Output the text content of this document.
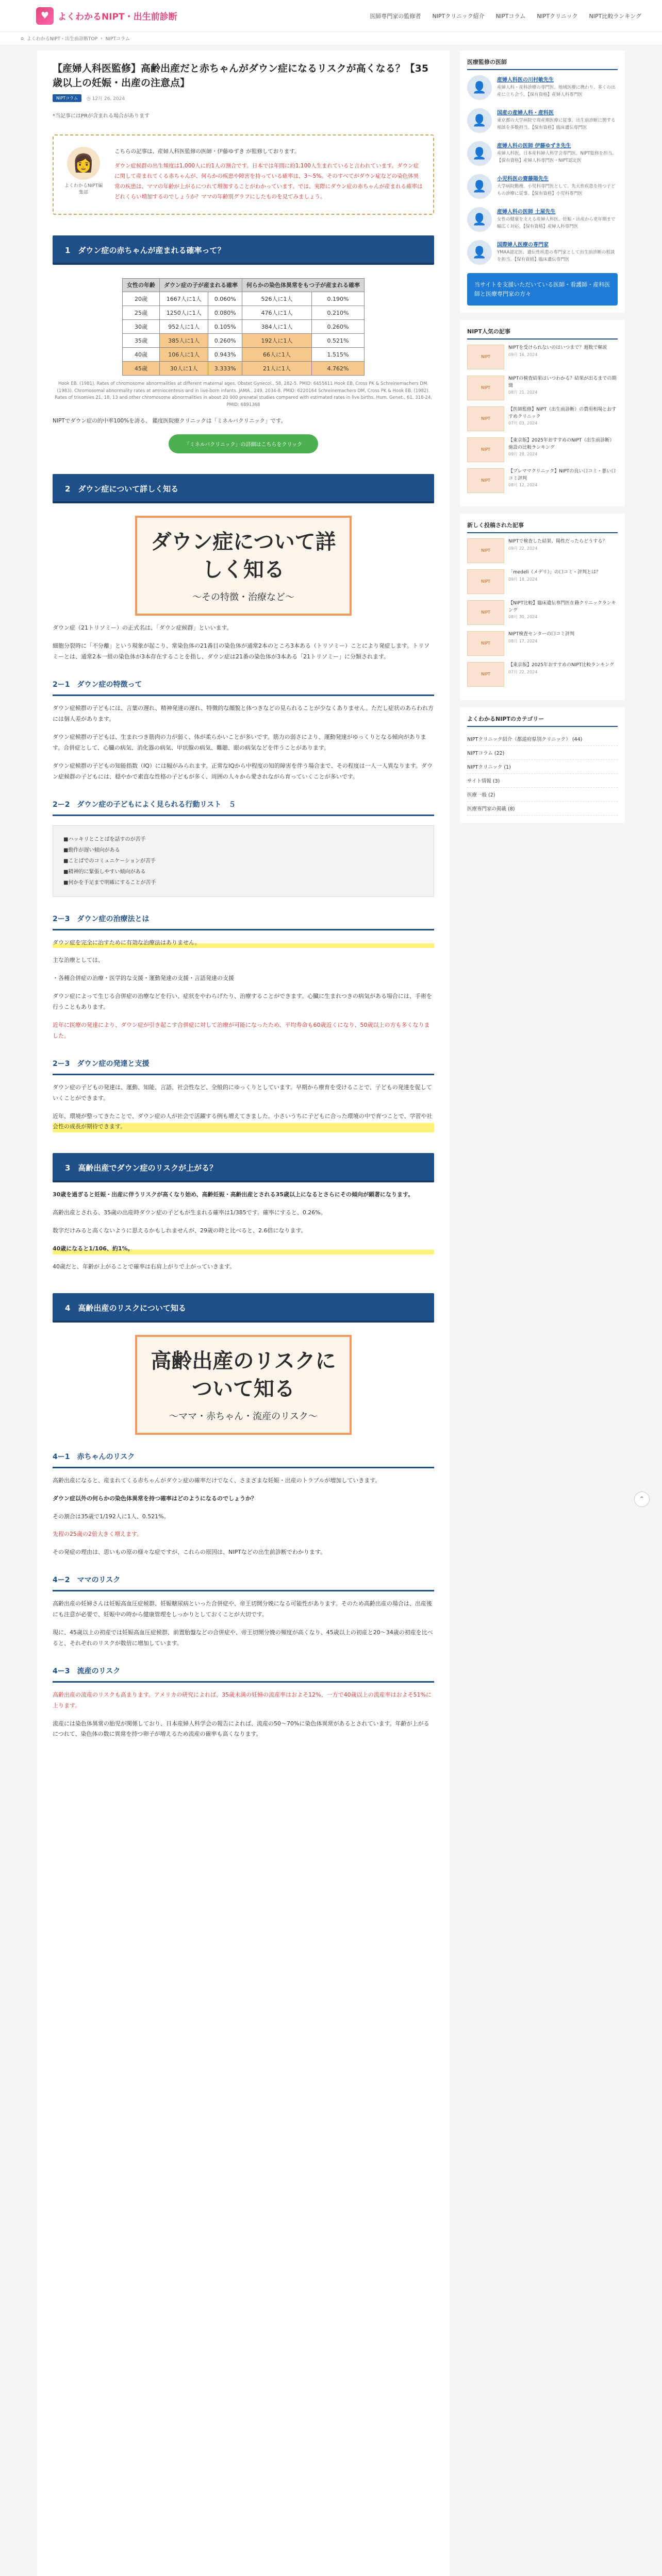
♥ よくわかるNIPT・出生前診断	医師専門家の監修者 NIPTクリニック紹介 NIPTコラム NIPTクリニック NIPT比較ランキング
⌂ よくわかるNIPT・出生前診断TOP › NIPTコラム
【産婦人科医監修】高齢出産だと赤ちゃんがダウン症になるリスクが高くなる？【35歳以上の妊娠・出産の注意点】
NIPTコラム	◷ 12月 26, 2024

*当記事にはPRが含まれる場合があります

👩
よくわかるNIPT編集部

こちらの記事は、産婦人科医監修の医師・伊藤ゆずき が監修しております。

ダウン症候群の出生頻度は1,000人に約1人の割合です。日本では年間に約1,100人生まれていると言われています。ダウン症に関して産まれてくる赤ちゃんが、何らかの疾患や障害を持っている確率は、3〜5%。そのすべてがダウン症などの染色体異常の疾患は、ママの年齢が上がるにつれて増加することがわかっています。では、実際にダウン症の赤ちゃんが産まれる確率はどれくらい増加するのでしょうか？ママの年齢別グラフにしたものを見てみましょう。

1　ダウン症の赤ちゃんが産まれる確率って？
女性の年齢	ダウン症の子が産まれる確率		何らかの染色体異常をもつ子が産まれる確率	
20歳	1667人に1人	0.060%	526人に1人	0.190%
25歳	1250人に1人	0.080%	476人に1人	0.210%
30歳	952人に1人	0.105%	384人に1人	0.260%
35歳	385人に1人	0.260%	192人に1人	0.521%
40歳	106人に1人	0.943%	66人に1人	1.515%
45歳	30人に1人	3.333%	21人に1人	4.762%

Hook EB. (1981). Rates of chromosome abnormalities at different maternal ages. Obstet Gynecol., 58, 282-5. PMID: 6455611 Hook EB, Cross PK & Schreinemachers DM. (1983). Chromosomal abnormality rates at amniocentesis and in live-born infants. JAMA., 249, 2034-8. PMID: 6220164 Schreinemachers DM, Cross PK & Hook EB. (1982). Rates of trisomies 21, 18, 13 and other chromosome abnormalities in about 20 000 prenatal studies compared with estimated rates in live births. Hum. Genet., 61, 318-24. PMID: 6891368

NIPTでダウン症の的中率100%を誇る、 鑑度医院療クリニックは「ミネルバクリニック」です。

「ミネルバクリニック」の詳細はこちらをクリック
2　ダウン症について詳しく知る
ダウン症について詳しく知る
〜その特徴・治療など〜

ダウン症（21トリソミー）の正式名は、「ダウン症候群」といいます。

細胞分裂時に「不分離」という現象が起こり、常染色体の21番目の染色体が通常2本のところ3本ある（トリソミー）ことにより発症します。トリソミーとは、通常2本一組の染色体が3本存在することを指し、ダウン症は21番の染色体が3本ある「21トリソミー」に分類されます。

2ー1　ダウン症の特徴って

ダウン症候群の子どもには、言葉の遅れ、精神発達の遅れ、特徴的な顔貌と体つきなどの見られることが少なくありません。ただし症状のあらわれ方には個人差があります。

ダウン症候群の子どもは、生まれつき筋肉の力が弱く、体が柔らかいことが多いです。筋力の弱さにより、運動発達がゆっくりとなる傾向があります。合併症として、心臓の病気、消化器の病気、甲状腺の病気、難聴、眼の病気などを伴うことがあります。

ダウン症候群の子どもの知能指数（IQ）には幅がみられます。正常なIQから中程度の知的障害を伴う場合まで、その程度は一人一人異なります。ダウン症候群の子どもには、穏やかで素直な性格の子どもが多く、周囲の人々から愛されながら育っていくことが多いです。

2ー2　ダウン症の子どもによく見られる行動リスト　５
■ハッキリとことばを話すのが苦手
■動作が遅い傾向がある
■ことばでのコミュニケーションが苦手
■精神的に緊張しやすい傾向がある
■何かを手足まで明確にすることが苦手
2ー3　ダウン症の治療法とは

ダウン症を完全に治すために有効な治療法はありません。

主な治療としては、

・各種合併症の治療・医学的な支援・運動発達の支援・言語発達の支援

ダウン症によって生じる合併症の治療などを行い、症状をやわらげたり、治療することができます。心臓に生まれつきの病気がある場合には、手術を行うこともあります。

近年に医療の発達により、ダウン症が引き起こす合併症に対して治療が可能になったため、平均寿命も60歳近くになり、50歳以上の方も多くなりました。

2ー3　ダウン症の発達と支援

ダウン症の子どもの発達は、運動、知能、言語、社会性など、全般的にゆっくりとしています。早期から療育を受けることで、子どもの発達を促していくことができます。

近年、環境が整ってきたことで、ダウン症の人が社会で活躍する例も増えてきました。小さいうちに子どもに合った環境の中で育つことで、学習や社会性の成長が期待できます。

3　高齢出産でダウン症のリスクが上がる？

30歳を過ぎると妊娠・出産に伴うリスクが高くなり始め、高齢妊娠・高齢出産とされる35歳以上になるとさらにその傾向が顕著になります。

高齢出産とされる、35歳の出産時ダウン症の子どもが生まれる確率は1/385です。確率にすると、0.26%。

数字だけみると高くないように思えるかもしれませんが、29歳の時と比べると、2.6倍になります。

40歳になると1/106、約1%。

40歳だと、年齢が上がることで確率は右肩上がりで上がっていきます。

4　高齢出産のリスクについて知る
高齢出産のリスクについて知る
〜ママ・赤ちゃん・流産のリスク〜
4ー1　赤ちゃんのリスク

高齢出産になると、産まれてくる赤ちゃんがダウン症の確率だけでなく、さまざまな妊娠・出産のトラブルが増加していきます。

ダウン症以外の何らかの染色体異常を持つ確率はどのようになるのでしょうか？

その割合は35歳で1/192人に1人、0.521%。

先程の25歳の2倍大きく増えます。

その発症の理由は、思いもの原の様々な症ですが、これらの原因は、NIPTなどの出生前診断でわかります。

4ー2　ママのリスク

高齢出産の妊婦さんは妊娠高血圧症候群、妊娠糖尿病といった合併症や、帝王切開分娩になる可能性があります。そのため高齢出産の場合は、出産後にも注意が必要で、妊娠中の時から健康管理をしっかりとしておくことが大切です。

現に、45歳以上の初産では妊娠高血圧症候群、前置胎盤などの合併症や、帝王切開分娩の頻度が高くなり、45歳以上の初産と20〜34歳の初産を比べると、それぞれのリスクが数倍に増加しています。

4ー3　流産のリスク

高齢出産の流産のリスクも高まります。アメリカの研究によれば、35歳未満の妊婦の流産率はおよそ12%、一方で40歳以上の流産率はおよそ51%に上ります。

流産には染色体異常の胎児が関係しており、日本産婦人科学会の報告によれば、流産の50〜70%に染色体異常があるとされています。年齢が上がるにつれて、染色体の数に異常を持つ卵子が増えるため流産の確率も高くなります。

医療監修の医師
👤
産婦人科医の川村敏先生
産婦人科・産科診療の専門医。地域医療に携わり、多くの出産に立ち会う。【保有資格】産婦人科専門医
👤
国産の産婦人科・産科医
東京都の大学病院で周産期医療に従事。出生前診断に関する相談を多数担当。【保有資格】臨床遺伝専門医
👤
産婦人科の医師 伊藤ゆずき先生
産婦人科医。日本産科婦人科学会専門医。NIPT監修を担当。【保有資格】産婦人科専門医・NIPT認定医
👤
小児科医の齋藤陽先生
大学病院勤務。小児科専門医として、先天性疾患を持つ子どもの診療に従事。【保有資格】小児科専門医
👤
産婦人科の医師 土屋先生
女性の健康を支える産婦人科医。妊娠・出産から更年期まで幅広く対応。【保有資格】産婦人科専門医
👤
国際婦人医療の専門家
YMAA認定医、遺伝性疾患の専門家として出生前診断の相談を担当。【保有資格】臨床遺伝専門医
当サイトを支援いただいている医師・看護師・産科医師と医療専門家の方々
NIPT人気の記事
NIPT
NIPTを受けられないのはいつまで？週数で解説
09月 16, 2024
NIPT
NIPTの検査結果はいつわかる？結果が出るまでの期間
08月 21, 2024
NIPT
【医師監修】NIPT（出生前診断）の費用相場とおすすめクリニック
07月 03, 2024
NIPT
【東京版】2025年おすすめのNIPT（出生前診断）施設の比較ランキング
09月 28, 2024
NIPT
【プレママクリニック】NIPTの良い口コミ・悪い口コミ評判
08月 12, 2024
新しく投稿された記事
NIPT
NIPTで検査した結果、陽性だったらどうする？
09月 22, 2024
NIPT
「medeli（メデリ）」の口コミ・評判とは？
09月 18, 2024
NIPT
【NIPT比較】臨床遺伝専門医在籍クリニックランキング
08月 30, 2024
NIPT
NIPT検査センターの口コミ評判
08月 17, 2024
NIPT
【東京版】2025年おすすめのNIPT比較ランキング
07月 22, 2024
よくわかるNIPTのカテゴリー
NIPTクリニック紹介（都道府県別クリニック） (44)
NIPTコラム (22)
NIPTクリニック (1)
サイト情報 (3)
医療一般 (2)
医療専門家の掲載 (8)
⌃
